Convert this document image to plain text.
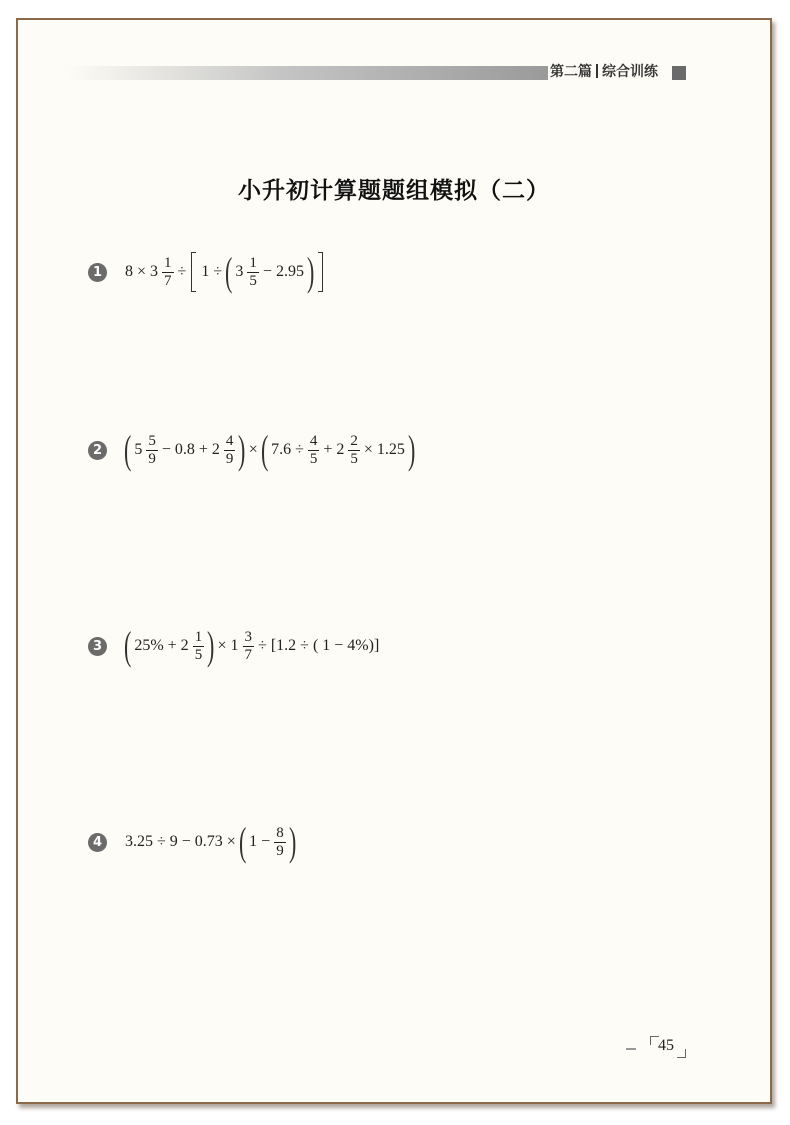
第二篇 综合训练
小升初计算题题组模拟（二）
1	$8 \times 3 \frac{1}{7} \div 1$ ÷ ( $3 \frac{1}{5} - 2.95$ )
2 ( $5 \frac{5}{9} - 0.8 + 2 \frac{4}{9}$ ) × ( $7.6 \div \frac{4}{5} + 2 \frac{2}{5} \times 1.25$ )
3 ( $25\% + 2 \frac{1}{5}$ ) × $1 \frac{3}{7} \div [1.2$ ÷ ( 1 − 4%)]
4	3.25 ÷ 9 − 0.73 × ( $1 - \frac{8}{9}$ )
45
